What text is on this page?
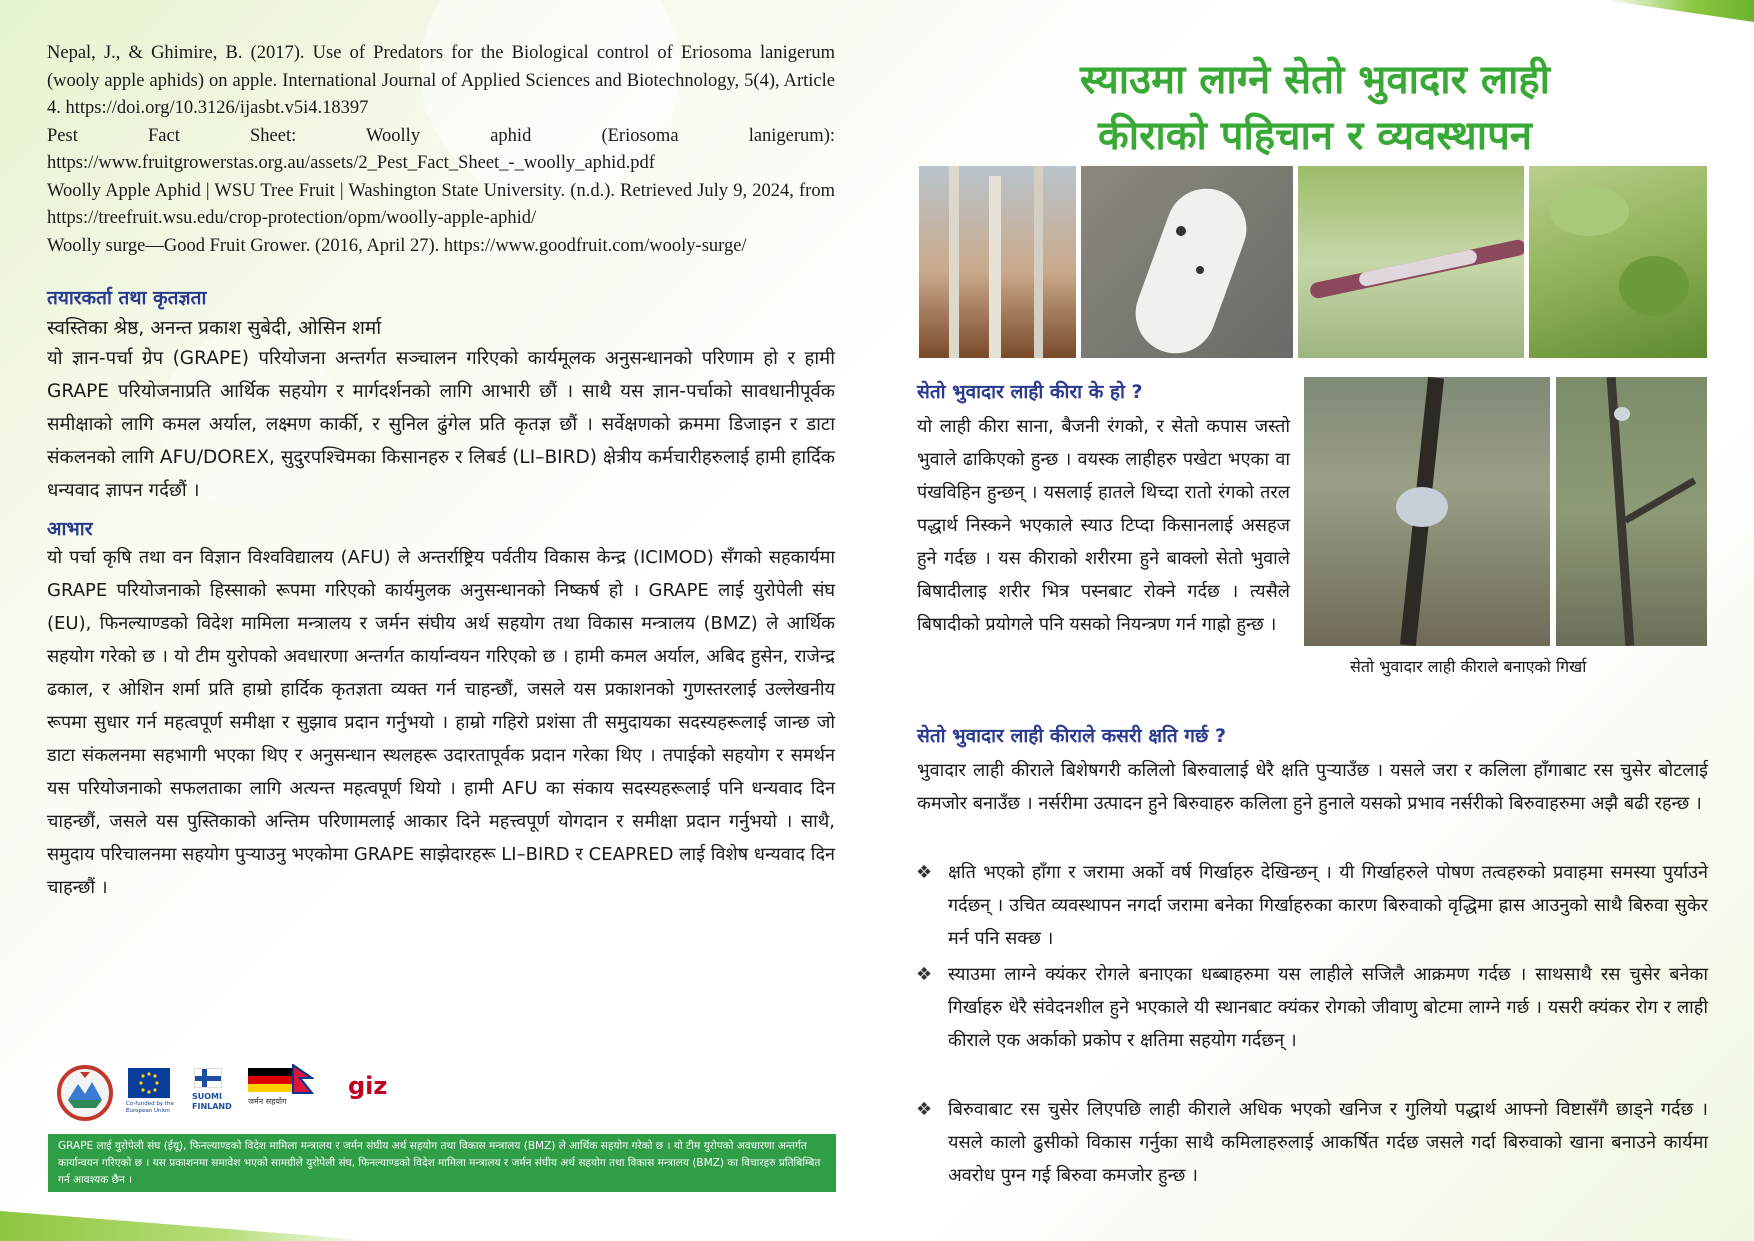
Nepal, J., & Ghimire, B. (2017). Use of Predators for the Biological control of Eriosoma lanigerum (wooly apple aphids) on apple. International Journal of Applied Sciences and Biotechnology, 5(4), Article 4. https://doi.org/10.3126/ijasbt.v5i4.18397

Pest Fact Sheet: Woolly aphid (Eriosoma lanigerum): https://www.fruitgrowerstas.org.au/assets/2_Pest_Fact_Sheet_-_woolly_aphid.pdf

Woolly Apple Aphid | WSU Tree Fruit | Washington State University. (n.d.). Retrieved July 9, 2024, from https://treefruit.wsu.edu/crop-protection/opm/woolly-apple-aphid/

Woolly surge—Good Fruit Grower. (2016, April 27). https://www.goodfruit.com/wooly-surge/

तयारकर्ता तथा कृतज्ञता
स्वस्तिका श्रेष्ठ, अनन्त प्रकाश सुबेदी, ओसिन शर्मा

यो ज्ञान-पर्चा ग्रेप (GRAPE) परियोजना अन्तर्गत सञ्चालन गरिएको कार्यमूलक अनुसन्धानको परिणाम हो र हामी GRAPE परियोजनाप्रति आर्थिक सहयोग र मार्गदर्शनको लागि आभारी छौं । साथै यस ज्ञान-पर्चाको सावधानीपूर्वक समीक्षाको लागि कमल अर्याल, लक्ष्मण कार्की, र सुनिल ढुंगेल प्रति कृतज्ञ छौं । सर्वेक्षणको क्रममा डिजाइन र डाटा संकलनको लागि AFU/DOREX, सुदुरपश्चिमका किसानहरु र लिबर्ड (LI–BIRD) क्षेत्रीय कर्मचारीहरुलाई हामी हार्दिक धन्यवाद ज्ञापन गर्दछौं ।

आभार

यो पर्चा कृषि तथा वन विज्ञान विश्वविद्यालय (AFU) ले अन्तर्राष्ट्रिय पर्वतीय विकास केन्द्र (ICIMOD) सँगको सहकार्यमा GRAPE परियोजनाको हिस्साको रूपमा गरिएको कार्यमुलक अनुसन्धानको निष्कर्ष हो । GRAPE लाई युरोपेली संघ (EU), फिनल्याण्डको विदेश मामिला मन्त्रालय र जर्मन संघीय अर्थ सहयोग तथा विकास मन्त्रालय (BMZ) ले आर्थिक सहयोग गरेको छ । यो टीम युरोपको अवधारणा अन्तर्गत कार्यान्वयन गरिएको छ । हामी कमल अर्याल, अबिद हुसेन, राजेन्द्र ढकाल, र ओशिन शर्मा प्रति हाम्रो हार्दिक कृतज्ञता व्यक्त गर्न चाहन्छौं, जसले यस प्रकाशनको गुणस्तरलाई उल्लेखनीय रूपमा सुधार गर्न महत्वपूर्ण समीक्षा र सुझाव प्रदान गर्नुभयो । हाम्रो गहिरो प्रशंसा ती समुदायका सदस्यहरूलाई जान्छ जो डाटा संकलनमा सहभागी भएका थिए र अनुसन्धान स्थलहरू उदारतापूर्वक प्रदान गरेका थिए । तपाईको सहयोग र समर्थन यस परियोजनाको सफलताका लागि अत्यन्त महत्वपूर्ण थियो । हामी AFU का संकाय सदस्यहरूलाई पनि धन्यवाद दिन चाहन्छौं, जसले यस पुस्तिकाको अन्तिम परिणामलाई आकार दिने महत्त्वपूर्ण योगदान र समीक्षा प्रदान गर्नुभयो । साथै, समुदाय परिचालनमा सहयोग पुर्‍याउनु भएकोमा GRAPE साझेदारहरू LI–BIRD र CEAPRED लाई विशेष धन्यवाद दिन चाहन्छौं ।

Co-funded by the European Union
SUOMI FINLAND
जर्मन सहयोग
giz
GRAPE लाई युरोपेली संघ (ईयू), फिनल्याण्डको विदेश मामिला मन्त्रालय र जर्मन संघीय अर्थ सहयोग तथा विकास मन्त्रालय (BMZ) ले आर्थिक सहयोग गरेको छ । यो टीम युरोपको अवधारणा अन्तर्गत कार्यान्वयन गरिएको छ । यस प्रकाशनमा समावेश भएको सामग्रीले युरोपेली संघ, फिनल्याण्डको विदेश मामिला मन्त्रालय र जर्मन संघीय अर्थ सहयोग तथा विकास मन्त्रालय (BMZ) का विचारहरु प्रतिबिम्बित गर्न आवश्यक छैन ।
स्याउमा लाग्ने सेतो भुवादार लाही
कीराको पहिचान र व्यवस्थापन
सेतो भुवादार लाही कीरा के हो ?

यो लाही कीरा साना, बैजनी रंगको, र सेतो कपास जस्तो भुवाले ढाकिएको हुन्छ । वयस्क लाहीहरु पखेटा भएका वा पंखविहिन हुन्छन् । यसलाई हातले थिच्दा रातो रंगको तरल पद्धार्थ निस्कने भएकाले स्याउ टिप्दा किसानलाई असहज हुने गर्दछ । यस कीराको शरीरमा हुने बाक्लो सेतो भुवाले बिषादीलाइ शरीर भित्र पस्नबाट रोक्ने गर्दछ । त्यसैले बिषादीको प्रयोगले पनि यसको नियन्त्रण गर्न गाह्रो हुन्छ ।

सेतो भुवादार लाही कीराले बनाएको गिर्खा
सेतो भुवादार लाही कीराले कसरी क्षति गर्छ ?

भुवादार लाही कीराले बिशेषगरी कलिलो बिरुवालाई धेरै क्षति पुर्‍याउँछ । यसले जरा र कलिला हाँगाबाट रस चुसेर बोटलाई कमजोर बनाउँछ । नर्सरीमा उत्पादन हुने बिरुवाहरु कलिला हुने हुनाले यसको प्रभाव नर्सरीको बिरुवाहरुमा अझै बढी रहन्छ ।

❖ क्षति भएको हाँगा र जरामा अर्को वर्ष गिर्खाहरु देखिन्छन् । यी गिर्खाहरुले पोषण तत्वहरुको प्रवाहमा समस्या पुर्याउने गर्दछन् । उचित व्यवस्थापन नगर्दा जरामा बनेका गिर्खाहरुका कारण बिरुवाको वृद्धिमा ह्रास आउनुको साथै बिरुवा सुकेर मर्न पनि सक्छ ।
❖ स्याउमा लाग्ने क्यंकर रोगले बनाएका धब्बाहरुमा यस लाहीले सजिलै आक्रमण गर्दछ । साथसाथै रस चुसेर बनेका गिर्खाहरु धेरै संवेदनशील हुने भएकाले यी स्थानबाट क्यंकर रोगको जीवाणु बोटमा लाग्ने गर्छ । यसरी क्यंकर रोग र लाही कीराले एक अर्काको प्रकोप र क्षतिमा सहयोग गर्दछन् ।
❖ बिरुवाबाट रस चुसेर लिएपछि लाही कीराले अधिक भएको खनिज र गुलियो पद्धार्थ आफ्नो विष्टासँगै छाड्ने गर्दछ । यसले कालो ढुसीको विकास गर्नुका साथै कमिलाहरुलाई आकर्षित गर्दछ जसले गर्दा बिरुवाको खाना बनाउने कार्यमा अवरोध पुग्न गई बिरुवा कमजोर हुन्छ ।
